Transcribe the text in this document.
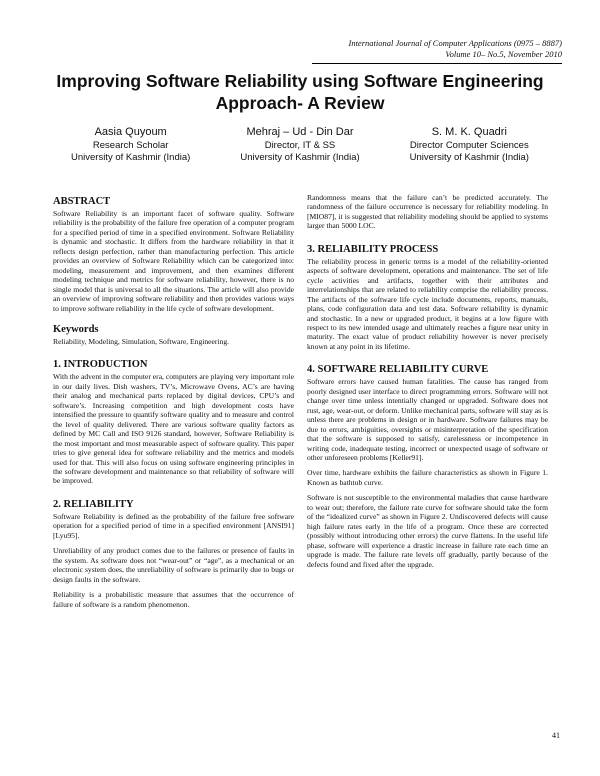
International Journal of Computer Applications (0975 – 8887)
Volume 10– No.5, November 2010
Improving Software Reliability using Software Engineering Approach- A Review
Aasia Quyoum
Research Scholar
University of Kashmir (India)
Mehraj – Ud - Din Dar
Director, IT & SS
University of Kashmir (India)
S. M. K. Quadri
Director Computer Sciences
University of Kashmir (India)
ABSTRACT

Software Reliability is an important facet of software quality. Software reliability is the probability of the failure free operation of a computer program for a specified period of time in a specified environment. Software Reliability is dynamic and stochastic. It differs from the hardware reliability in that it reflects design perfection, rather than manufacturing perfection. This article provides an overview of Software Reliability which can be categorized into: modeling, measurement and improvement, and then examines different modeling technique and metrics for software reliability, however, there is no single model that is universal to all the situations. The article will also provide an overview of improving software reliability and then provides various ways to improve software reliability in the life cycle of software development.

Keywords

Reliability, Modeling, Simulation, Software, Engineering.

1. INTRODUCTION

With the advent in the computer era, computers are playing very important role in our daily lives. Dish washers, TV’s, Microwave Ovens, AC’s are having their analog and mechanical parts replaced by digital devices, CPU’s and software’s. Increasing competition and high development costs have intensified the pressure to quantify software quality and to measure and control the level of quality delivered. There are various software quality factors as defined by MC Call and ISO 9126 standard, however, Software Reliability is the most important and most measurable aspect of software quality. This paper tries to give general idea for software reliability and the metrics and models used for that. This will also focus on using software engineering principles in the software development and maintenance so that reliability of software will be improved.

2. RELIABILITY

Software Reliability is defined as the probability of the failure free software operation for a specified period of time in a specified environment [ANSI91] [Lyu95].

Unreliability of any product comes due to the failures or presence of faults in the system. As software does not “wear-out” or “age”, as a mechanical or an electronic system does, the unreliability of software is primarily due to bugs or design faults in the software.

Reliability is a probabilistic measure that assumes that the occurrence of failure of software is a random phenomenon.

Randomness means that the failure can’t be predicted accurately. The randomness of the failure occurrence is necessary for reliability modeling. In [MIO87], it is suggested that reliability modeling should be applied to systems larger than 5000 LOC.

3. RELIABILITY PROCESS

The reliability process in generic terms is a model of the reliability-oriented aspects of software development, operations and maintenance. The set of life cycle activities and artifacts, together with their attributes and interrelationships that are related to reliability comprise the reliability process. The artifacts of the software life cycle include documents, reports, manuals, plans, code configuration data and test data. Software reliability is dynamic and stochastic. In a new or upgraded product, it begins at a low figure with respect to its new intended usage and ultimately reaches a figure near unity in maturity. The exact value of product reliability however is never precisely known at any point in its lifetime.

4. SOFTWARE RELIABILITY CURVE

Software errors have caused human fatalities. The cause has ranged from poorly designed user interface to direct programming errors. Software will not change over time unless intentially changed or upgraded. Software does not rust, age, wear-out, or deform. Unlike mechanical parts, software will stay as is unless there are problems in design or in hardware. Software failures may be due to errors, ambiguities, oversights or misinterpretation of the specification that the software is supposed to satisfy, carelessness or incompetence in writing code, inadequate testing, incorrect or unexpected usage of software or other unforeseen problems [Keller91].

Over time, hardware exhibits the failure characteristics as shown in Figure 1. Known as bathtub curve.

Software is not susceptible to the environmental maladies that cause hardware to wear out; therefore, the failure rate curve for software should take the form of the “idealized curve” as shown in Figure 2. Undiscovered defects will cause high failure rates early in the life of a program. Once these are corrected (possibly without introducing other errors) the curve flattens. In the useful life phase, software will experience a drastic increase in failure rate each time an upgrade is made. The failure rate levels off gradually, partly because of the defects found and fixed after the upgrade.

41
